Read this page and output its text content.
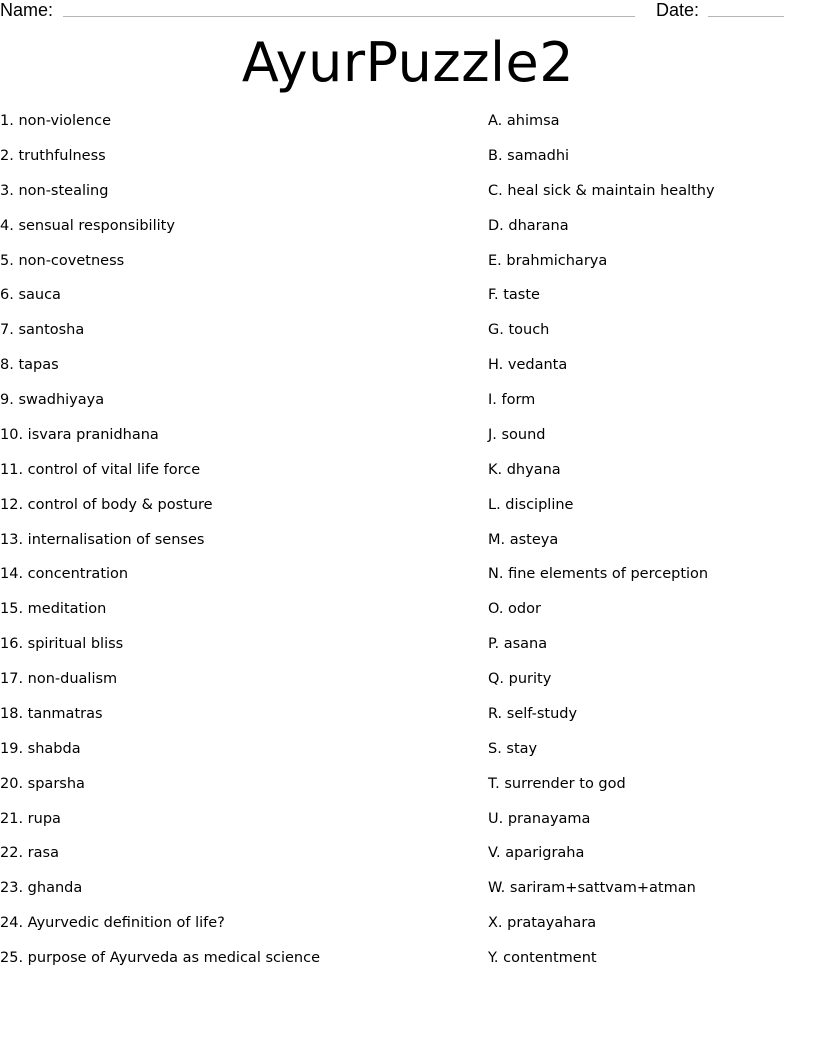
Name:	Date:
AyurPuzzle2
1. non-violence
2. truthfulness
3. non-stealing
4. sensual responsibility
5. non-covetness
6. sauca
7. santosha
8. tapas
9. swadhiyaya
10. isvara pranidhana
11. control of vital life force
12. control of body & posture
13. internalisation of senses
14. concentration
15. meditation
16. spiritual bliss
17. non-dualism
18. tanmatras
19. shabda
20. sparsha
21. rupa
22. rasa
23. ghanda
24. Ayurvedic definition of life?
25. purpose of Ayurveda as medical science
A. ahimsa
B. samadhi
C. heal sick & maintain healthy
D. dharana
E. brahmicharya
F. taste
G. touch
H. vedanta
I. form
J. sound
K. dhyana
L. discipline
M. asteya
N. fine elements of perception
O. odor
P. asana
Q. purity
R. self-study
S. stay
T. surrender to god
U. pranayama
V. aparigraha
W. sariram+sattvam+atman
X. pratayahara
Y. contentment
